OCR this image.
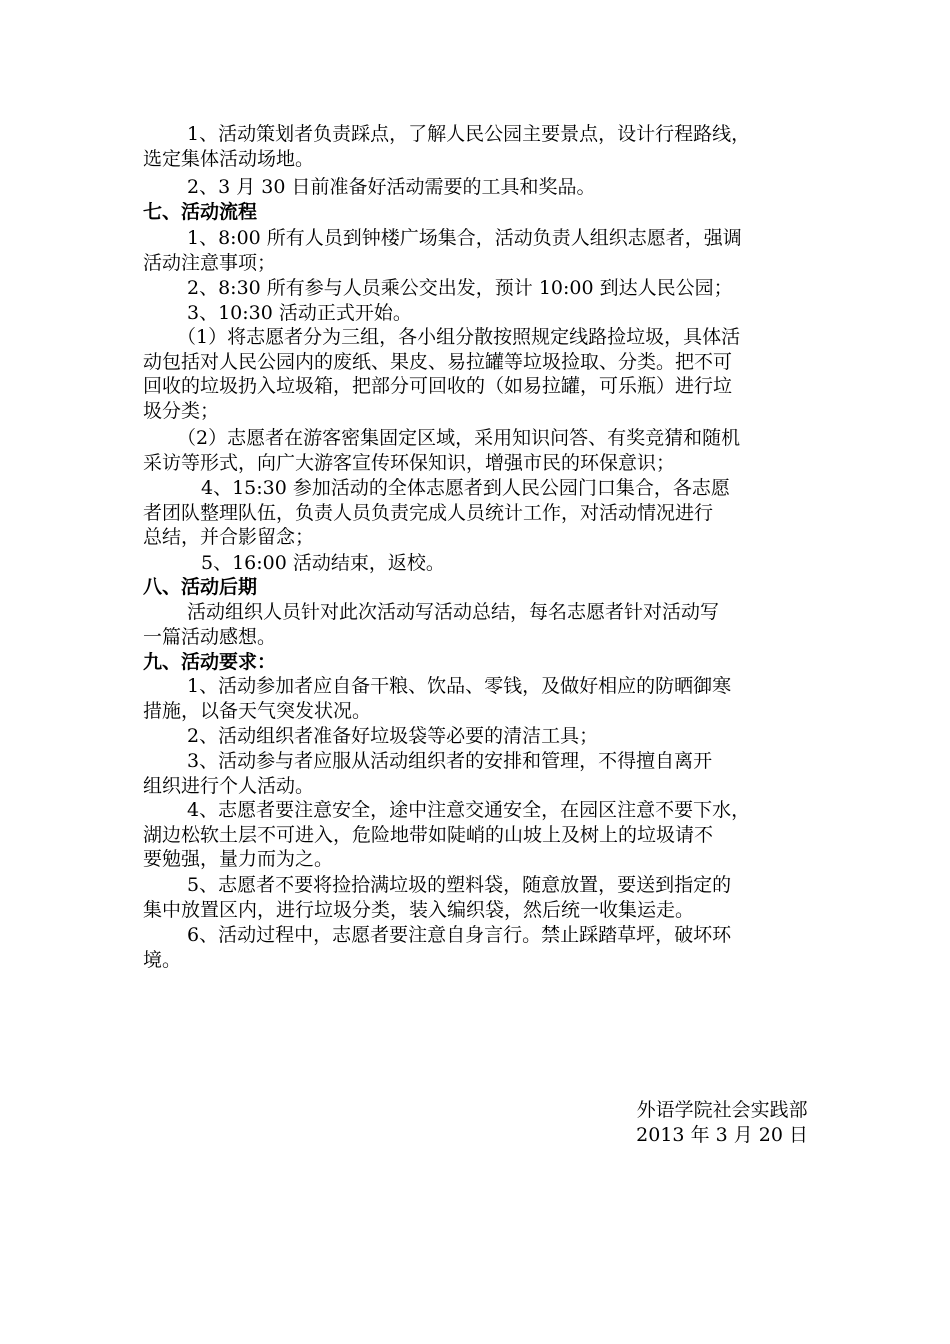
1、活动策划者负责踩点，了解人民公园主要景点，设计行程路线，
选定集体活动场地。
2、3 月 30 日前准备好活动需要的工具和奖品。
七、活动流程
1、8:00 所有人员到钟楼广场集合，活动负责人组织志愿者，强调
活动注意事项；
2、8:30 所有参与人员乘公交出发，预计 10:00 到达人民公园；
3、10:30 活动正式开始。
（1）将志愿者分为三组，各小组分散按照规定线路捡垃圾，具体活
动包括对人民公园内的废纸、果皮、易拉罐等垃圾捡取、分类。把不可
回收的垃圾扔入垃圾箱，把部分可回收的（如易拉罐，可乐瓶）进行垃
圾分类；
（2）志愿者在游客密集固定区域，采用知识问答、有奖竞猜和随机
采访等形式，向广大游客宣传环保知识，增强市民的环保意识；
4、15:30 参加活动的全体志愿者到人民公园门口集合，各志愿
者团队整理队伍，负责人员负责完成人员统计工作，对活动情况进行
总结，并合影留念；
5、16:00 活动结束，返校。
八、活动后期
活动组织人员针对此次活动写活动总结，每名志愿者针对活动写
一篇活动感想。
九、活动要求：
1、活动参加者应自备干粮、饮品、零钱，及做好相应的防晒御寒
措施，以备天气突发状况。
2、活动组织者准备好垃圾袋等必要的清洁工具；
3、活动参与者应服从活动组织者的安排和管理，不得擅自离开
组织进行个人活动。
4、志愿者要注意安全，途中注意交通安全，在园区注意不要下水，
湖边松软土层不可进入，危险地带如陡峭的山坡上及树上的垃圾请不
要勉强，量力而为之。
5、志愿者不要将捡拾满垃圾的塑料袋，随意放置，要送到指定的
集中放置区内，进行垃圾分类，装入编织袋，然后统一收集运走。
6、活动过程中，志愿者要注意自身言行。禁止踩踏草坪，破坏环
境。
外语学院社会实践部
2013 年 3 月 20 日
